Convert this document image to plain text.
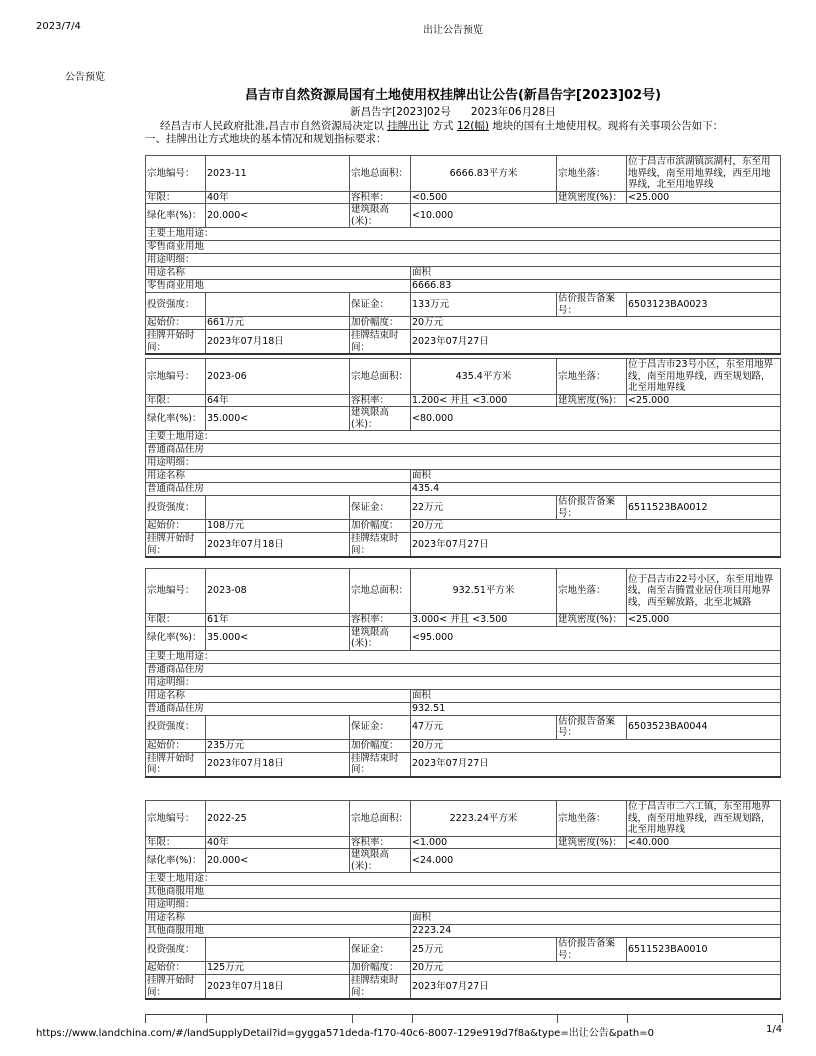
2023/7/4	出让公告预览
公告预览
昌吉市自然资源局国有土地使用权挂牌出让公告(新昌告字[2023]02号)
新昌告字[2023]02号 2023年06月28日
经昌吉市人民政府批准,昌吉市自然资源局决定以 挂牌出让 方式 12(幅) 地块的国有土地使用权。现将有关事项公告如下：
一、挂牌出让方式地块的基本情况和规划指标要求：
宗地编号：	2023-11	宗地总面积：	6666.83平方米	宗地坐落：	位于昌吉市滨湖镇滨湖村，东至用地界线，南至用地界线，西至用地界线，北至用地界线
年限：	40年	容积率：	<0.500	建筑密度(%)：	<25.000
绿化率(%)：	20.000<	建筑限高(米)：	<10.000		
主要土地用途：					
零售商业用地					
用途明细：					
用途名称			面积		
零售商业用地			6666.83		
投资强度：		保证金：	133万元	估价报告备案号：	6503123BA0023
起始价：	661万元	加价幅度：	20万元		
挂牌开始时间：	2023年07月18日	挂牌结束时间：	2023年07月27日		
宗地编号：	2023-06	宗地总面积：	435.4平方米	宗地坐落：	位于昌吉市23号小区，东至用地界线，南至用地界线，西至规划路，北至用地界线
年限：	64年	容积率：	1.200< 并且 <3.000	建筑密度(%)：	<25.000
绿化率(%)：	35.000<	建筑限高(米)：	<80.000		
主要土地用途：					
普通商品住房					
用途明细：					
用途名称			面积		
普通商品住房			435.4		
投资强度：		保证金：	22万元	估价报告备案号：	6511523BA0012
起始价：	108万元	加价幅度：	20万元		
挂牌开始时间：	2023年07月18日	挂牌结束时间：	2023年07月27日		
宗地编号：	2023-08	宗地总面积：	932.51平方米	宗地坐落：	位于昌吉市22号小区，东至用地界线，南至吉腾置业居住项目用地界线，西至解放路，北至北城路
年限：	61年	容积率：	3.000< 并且 <3.500	建筑密度(%)：	<25.000
绿化率(%)：	35.000<	建筑限高(米)：	<95.000		
主要土地用途：					
普通商品住房					
用途明细：					
用途名称			面积		
普通商品住房			932.51		
投资强度：		保证金：	47万元	估价报告备案号：	6503523BA0044
起始价：	235万元	加价幅度：	20万元		
挂牌开始时间：	2023年07月18日	挂牌结束时间：	2023年07月27日		
宗地编号：	2022-25	宗地总面积：	2223.24平方米	宗地坐落：	位于昌吉市二六工镇，东至用地界线，南至用地界线，西至规划路，北至用地界线
年限：	40年	容积率：	<1.000	建筑密度(%)：	<40.000
绿化率(%)：	20.000<	建筑限高(米)：	<24.000		
主要土地用途：					
其他商服用地					
用途明细：					
用途名称			面积		
其他商服用地			2223.24		
投资强度：		保证金：	25万元	估价报告备案号：	6511523BA0010
起始价：	125万元	加价幅度：	20万元		
挂牌开始时间：	2023年07月18日	挂牌结束时间：	2023年07月27日		
https://www.landchina.com/#/landSupplyDetail?id=gygga571deda-f170-40c6-8007-129e919d7f8a&type=出让公告&path=0	1/4
